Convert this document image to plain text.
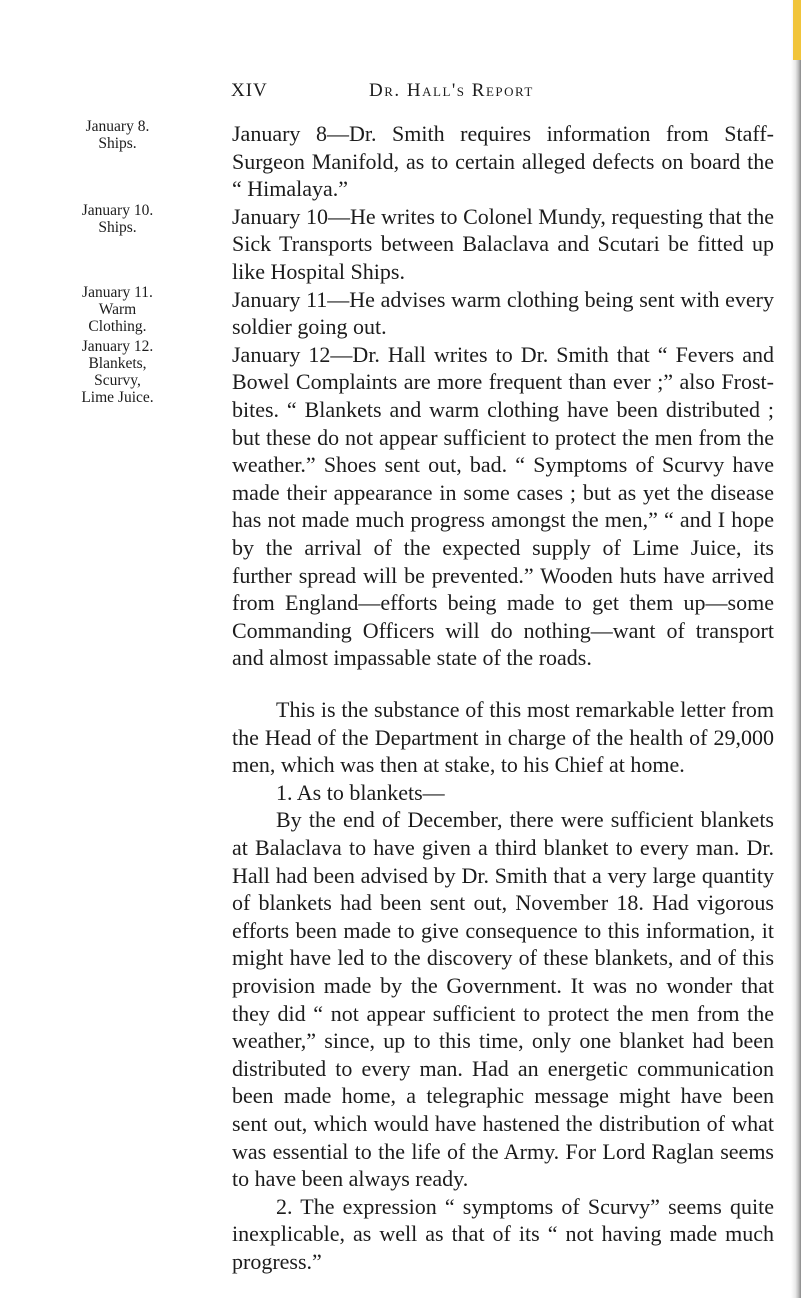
XIV	Dr. Hall's Report
January 8.
Ships.
January 10.
Ships.
January 11.
Warm
Clothing.
January 12.
Blankets,
Scurvy,
Lime Juice.

January 8—Dr. Smith requires information from Staff-Surgeon Manifold, as to certain alleged defects on board the “ Himalaya.”

January 10—He writes to Colonel Mundy, requesting that the Sick Transports between Balaclava and Scutari be fitted up like Hospital Ships.

January 11—He advises warm clothing being sent with every soldier going out.

January 12—Dr. Hall writes to Dr. Smith that “ Fevers and Bowel Complaints are more frequent than ever ;” also Frost-bites. “ Blankets and warm clothing have been distributed ; but these do not appear sufficient to protect the men from the weather.” Shoes sent out, bad. “ Symptoms of Scurvy have made their appearance in some cases ; but as yet the disease has not made much progress amongst the men,” “ and I hope by the arrival of the expected supply of Lime Juice, its further spread will be prevented.” Wooden huts have arrived from England—efforts being made to get them up—some Commanding Officers will do nothing—want of transport and almost impassable state of the roads.

This is the substance of this most remarkable letter from the Head of the Department in charge of the health of 29,000 men, which was then at stake, to his Chief at home.

1. As to blankets—

By the end of December, there were sufficient blankets at Balaclava to have given a third blanket to every man. Dr. Hall had been advised by Dr. Smith that a very large quantity of blankets had been sent out, November 18. Had vigorous efforts been made to give consequence to this information, it might have led to the discovery of these blankets, and of this provision made by the Government. It was no wonder that they did “ not appear sufficient to protect the men from the weather,” since, up to this time, only one blanket had been distributed to every man. Had an energetic communication been made home, a telegraphic message might have been sent out, which would have hastened the distribution of what was essential to the life of the Army. For Lord Raglan seems to have been always ready.

2. The expression “ symptoms of Scurvy” seems quite inexplicable, as well as that of its “ not having made much progress.”
